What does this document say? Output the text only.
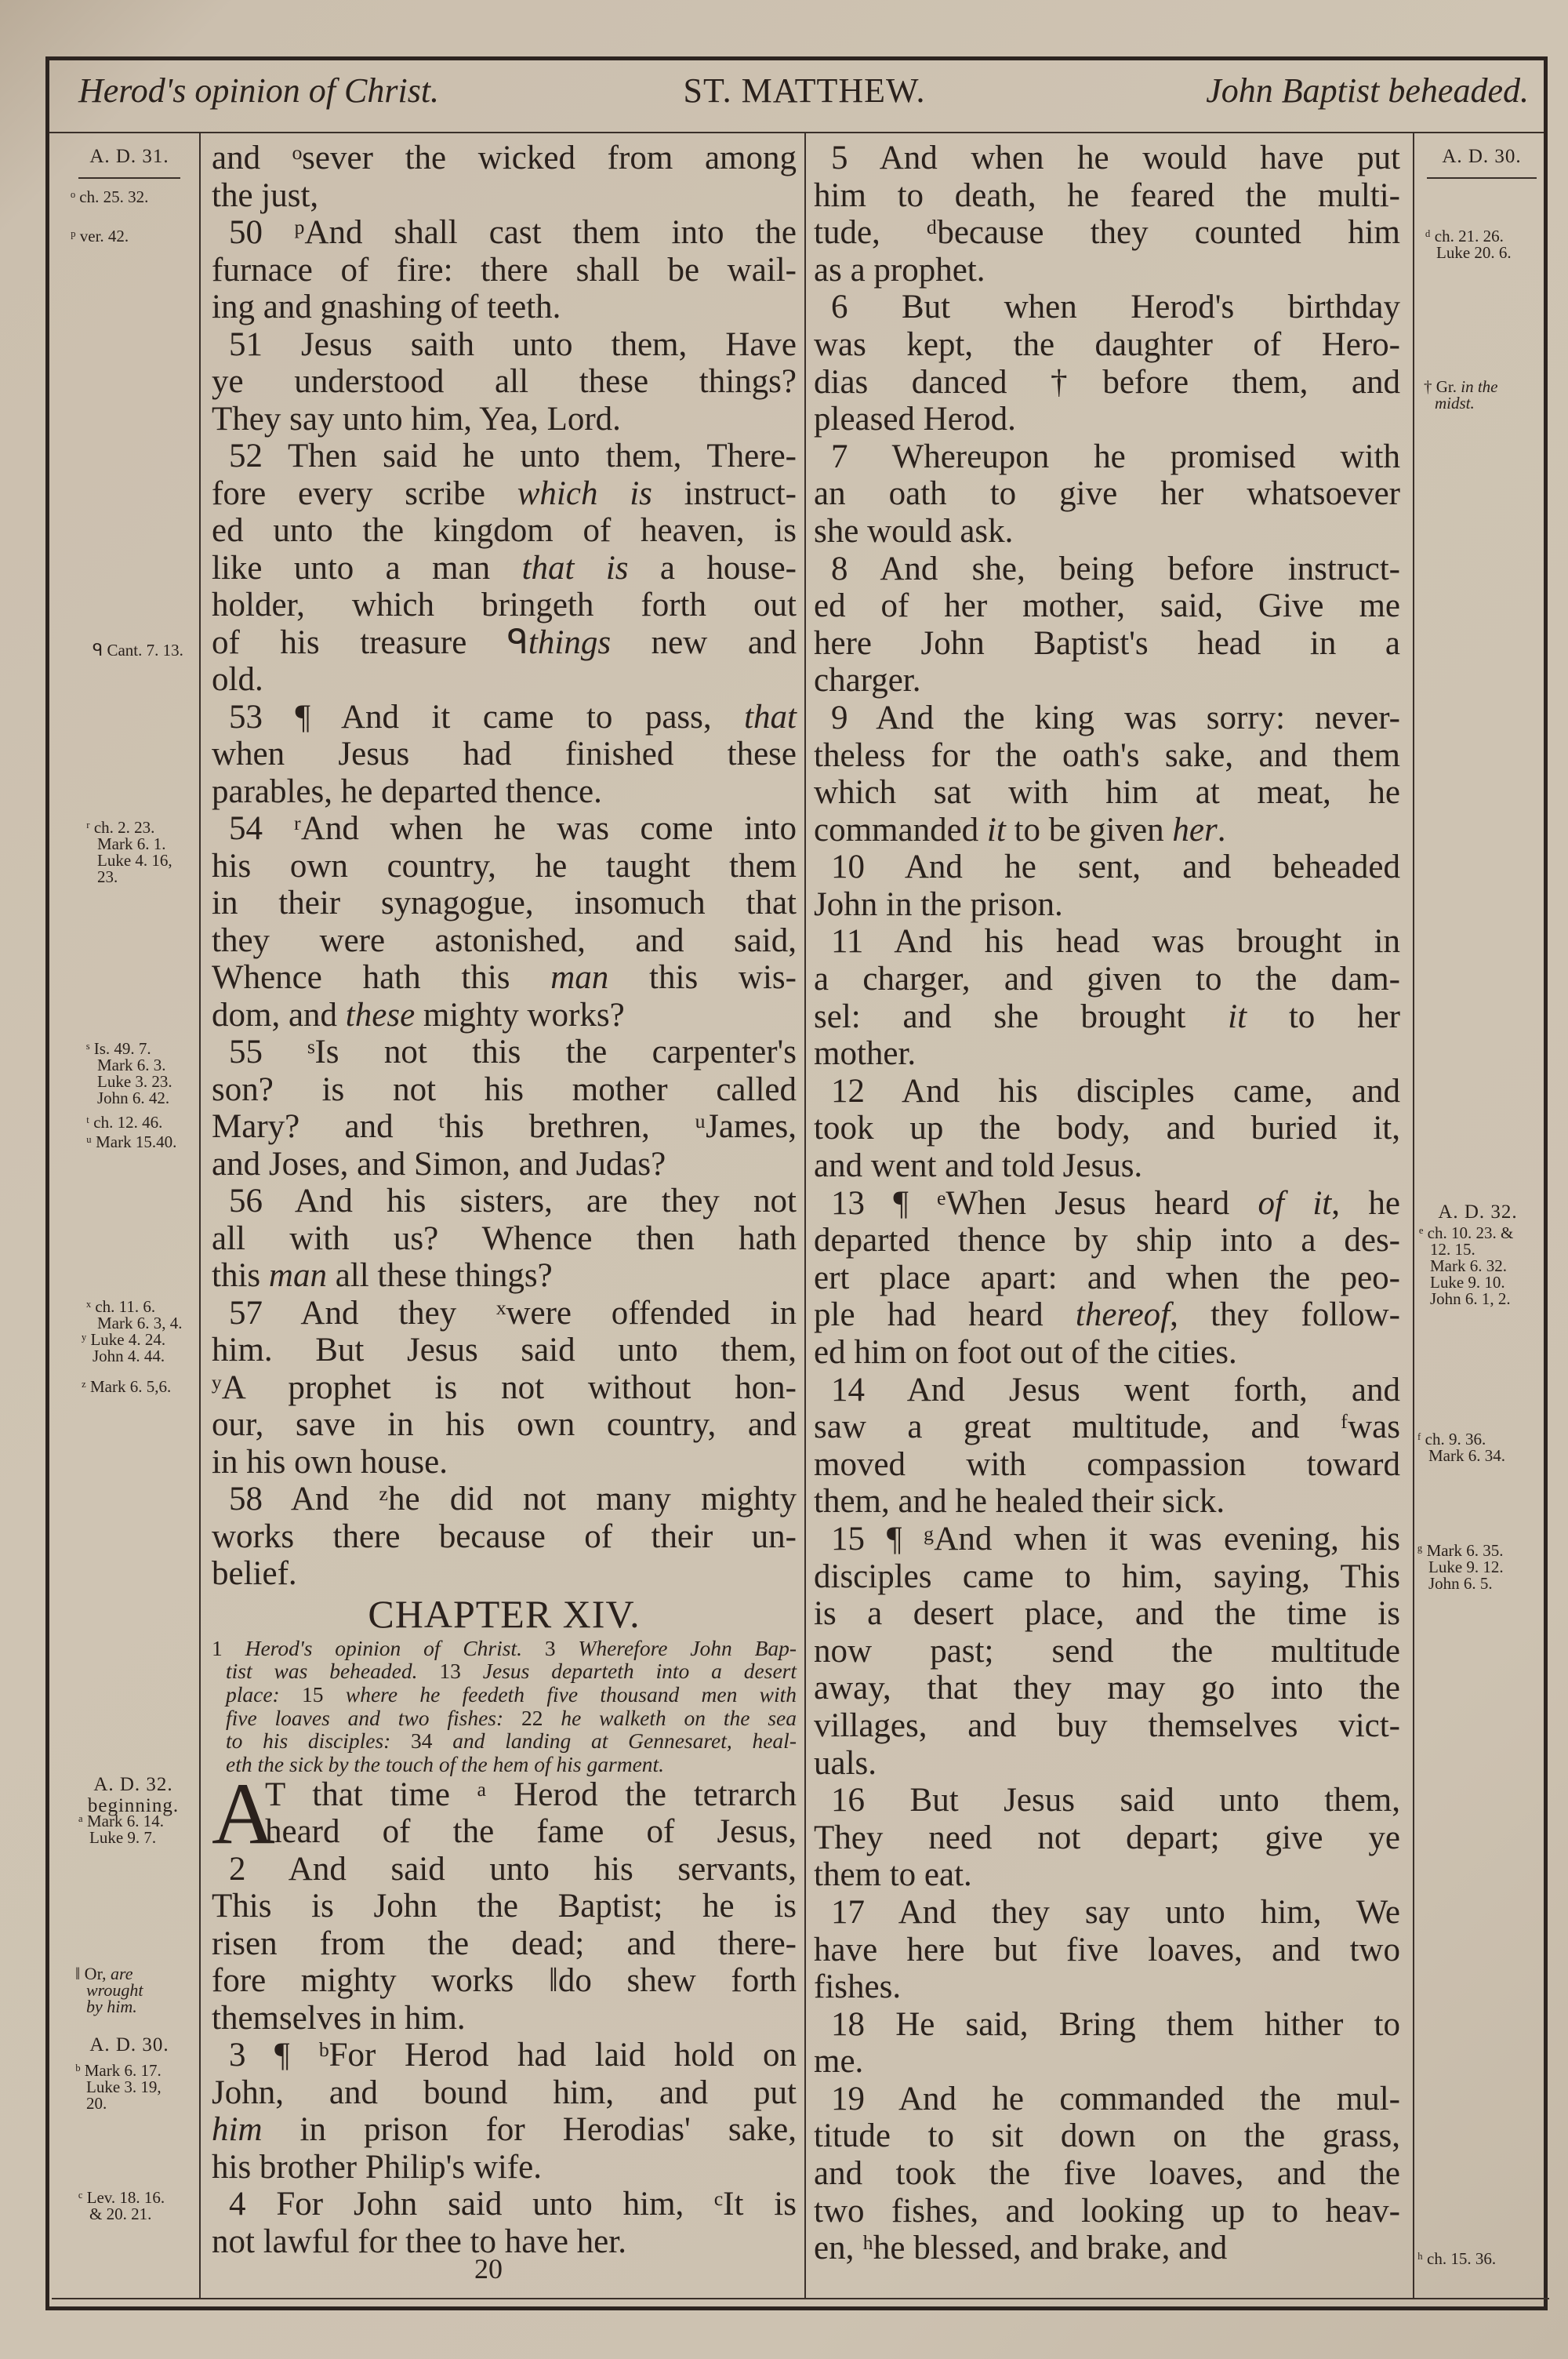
Herod's opinion of Christ.	ST. MATTHEW.	John Baptist beheaded.
A. D. 31.
ᵒ ch. 25. 32.
ᵖ ver. 42.
ᑫ Cant. 7. 13.
ʳ ch. 2. 23.
Mark 6. 1.
Luke 4. 16,
23.
ˢ Is. 49. 7.
Mark 6. 3.
Luke 3. 23.
John 6. 42.
ᵗ ch. 12. 46.
ᵘ Mark 15.40.
ˣ ch. 11. 6.
Mark 6. 3, 4.
ʸ Luke 4. 24.
John 4. 44.
ᶻ Mark 6. 5,6.
A. D. 32.
beginning.
ᵃ Mark 6. 14.
Luke 9. 7.
‖ Or, are
wrought
by him.
A. D. 30.
ᵇ Mark 6. 17.
Luke 3. 19,
20.
ᶜ Lev. 18. 16.
& 20. 21.
A. D. 30.
ᵈ ch. 21. 26.
Luke 20. 6.
† Gr. in the
midst.
A. D. 32.
ᵉ ch. 10. 23. &
12. 15.
Mark 6. 32.
Luke 9. 10.
John 6. 1, 2.
ᶠ ch. 9. 36.
Mark 6. 34.
ᵍ Mark 6. 35.
Luke 9. 12.
John 6. 5.
ʰ ch. 15. 36.
and ᵒsever the wicked from among
the just,
50 ᵖAnd shall cast them into the
furnace of fire: there shall be wail-
ing and gnashing of teeth.
51 Jesus saith unto them, Have
ye understood all these things?
They say unto him, Yea, Lord.
52 Then said he unto them, There-
fore every scribe which is instruct-
ed unto the kingdom of heaven, is
like unto a man that is a house-
holder, which bringeth forth out
of his treasure ᑫthings new and
old.
53 ¶ And it came to pass, that
when Jesus had finished these
parables, he departed thence.
54 ʳAnd when he was come into
his own country, he taught them
in their synagogue, insomuch that
they were astonished, and said,
Whence hath this man this wis-
dom, and these mighty works?
55 ˢIs not this the carpenter's
son? is not his mother called
Mary? and ᵗhis brethren, ᵘJames,
and Joses, and Simon, and Judas?
56 And his sisters, are they not
all with us? Whence then hath
this man all these things?
57 And they ˣwere offended in
him. But Jesus said unto them,
ʸA prophet is not without hon-
our, save in his own country, and
in his own house.
58 And ᶻhe did not many mighty
works there because of their un-
belief.
CHAPTER XIV.
1 Herod's opinion of Christ. 3 Wherefore John Bap-
tist was beheaded. 13 Jesus departeth into a desert
place: 15 where he feedeth five thousand men with
five loaves and two fishes: 22 he walketh on the sea
to his disciples: 34 and landing at Gennesaret, heal-
eth the sick by the touch of the hem of his garment.
A
T that time ᵃ Herod the tetrarch
heard of the fame of Jesus,
2 And said unto his servants,
This is John the Baptist; he is
risen from the dead; and there-
fore mighty works ‖do shew forth
themselves in him.
3 ¶ ᵇFor Herod had laid hold on
John, and bound him, and put
him in prison for Herodias' sake,
his brother Philip's wife.
4 For John said unto him, ᶜIt is
not lawful for thee to have her.
20
5 And when he would have put
him to death, he feared the multi-
tude, ᵈbecause they counted him
as a prophet.
6 But when Herod's birthday
was kept, the daughter of Hero-
dias danced †before them, and
pleased Herod.
7 Whereupon he promised with
an oath to give her whatsoever
she would ask.
8 And she, being before instruct-
ed of her mother, said, Give me
here John Baptist's head in a
charger.
9 And the king was sorry: never-
theless for the oath's sake, and them
which sat with him at meat, he
commanded it to be given her.
10 And he sent, and beheaded
John in the prison.
11 And his head was brought in
a charger, and given to the dam-
sel: and she brought it to her
mother.
12 And his disciples came, and
took up the body, and buried it,
and went and told Jesus.
13 ¶ ᵉWhen Jesus heard of it, he
departed thence by ship into a des-
ert place apart: and when the peo-
ple had heard thereof, they follow-
ed him on foot out of the cities.
14 And Jesus went forth, and
saw a great multitude, and ᶠwas
moved with compassion toward
them, and he healed their sick.
15 ¶ ᵍAnd when it was evening, his
disciples came to him, saying, This
is a desert place, and the time is
now past; send the multitude
away, that they may go into the
villages, and buy themselves vict-
uals.
16 But Jesus said unto them,
They need not depart; give ye
them to eat.
17 And they say unto him, We
have here but five loaves, and two
fishes.
18 He said, Bring them hither to
me.
19 And he commanded the mul-
titude to sit down on the grass,
and took the five loaves, and the
two fishes, and looking up to heav-
en, ʰhe blessed, and brake, and
